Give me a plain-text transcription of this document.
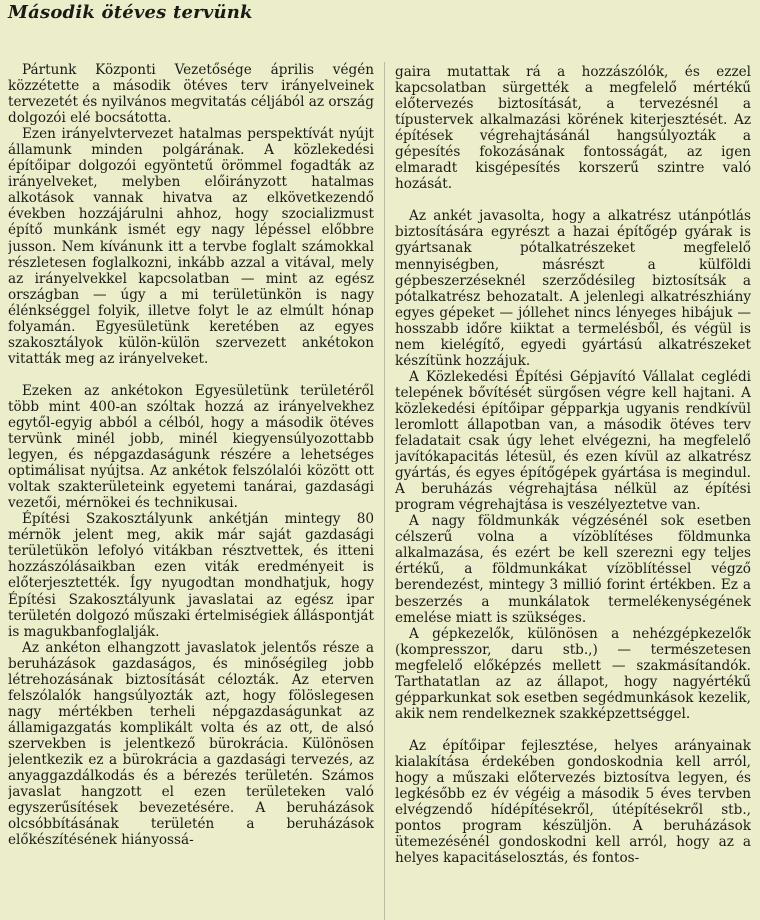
Második ötéves tervünk

Pártunk Központi Vezetősége április végén közzétette a második ötéves terv irányelveinek tervezetét és nyilvános megvitatás céljából az ország dolgozói elé bocsátotta.

Ezen irányelvtervezet hatalmas perspektívát nyújt államunk minden polgárának. A közlekedési építőipar dolgozói egyöntetű örömmel fogadták az irányelveket, melyben előirányzott hatalmas alkotások vannak hivatva az elkövetkezendő években hozzájárulni ahhoz, hogy szocializmust építő munkánk ismét egy nagy lépéssel előbbre jusson. Nem kívánunk itt a tervbe foglalt számokkal részletesen foglalkozni, inkább azzal a vitával, mely az irányelvekkel kapcsolatban — mint az egész országban — úgy a mi területünkön is nagy élénkséggel folyik, illetve folyt le az elmúlt hónap folyamán. Egyesületünk keretében az egyes szakosztályok külön-külön szervezett ankétokon vitatták meg az irányelveket.

Ezeken az ankétokon Egyesületünk területéről több mint 400-an szóltak hozzá az irányelvekhez egytől-egyig abból a célból, hogy a második ötéves tervünk minél jobb, minél kiegyensúlyozottabb legyen, és népgazdaságunk részére a lehetséges optimálisat nyújtsa. Az ankétok felszólalói között ott voltak szakterületeink egyetemi tanárai, gazdasági vezetői, mérnökei és technikusai.

Építési Szakosztályunk ankétján mintegy 80 mérnök jelent meg, akik már saját gazdasági területükön lefolyó vitákban résztvettek, és itteni hozzászólásaikban ezen viták eredményeit is előterjesztették. Így nyugodtan mondhatjuk, hogy Építési Szakosztályunk javaslatai az egész ipar területén dolgozó műszaki értelmiségiek álláspontját is magukbanfoglalják.

Az ankéton elhangzott javaslatok jelentős része a beruházások gazdaságos, és minőségileg jobb létrehozásának biztosítását célozták. Az eterven felszólalók hangsúlyozták azt, hogy fölöslegesen nagy mértékben terheli népgazdaságunkat az államigazgatás komplikált volta és az ott, de alsó szervekben is jelentkező bürokrácia. Különösen jelentkezik ez a bürokrácia a gazdasági tervezés, az anyaggazdálkodás és a bérezés területén. Számos javaslat hangzott el ezen területeken való egyszerűsítések bevezetésére. A beruházások olcsóbbításának területén a beruházások előkészítésének hiányossá-

gaira mutattak rá a hozzászólók, és ezzel kapcsolatban sürgették a megfelelő mértékű előtervezés biztosítását, a tervezésnél a típustervek alkalmazási körének kiterjesztését. Az építések végrehajtásánál hangsúlyozták a gépesítés fokozásának fontosságát, az igen elmaradt kisgépesítés korszerű szintre való hozását.

Az ankét javasolta, hogy a alkatrész utánpótlás biztosítására egyrészt a hazai építőgép gyárak is gyártsanak pótalkatrészeket megfelelő mennyiségben, másrészt a külföldi gépbeszerzéseknél szerződésileg biztosítsák a pótalkatrész behozatalt. A jelenlegi alkatrészhiány egyes gépeket — jóllehet nincs lényeges hibájuk — hosszabb időre kiiktat a termelésből, és végül is nem kielégítő, egyedi gyártású alkatrészeket készítünk hozzájuk.

A Közlekedési Építési Gépjavító Vállalat ceglédi telepének bővítését sürgősen végre kell hajtani. A közlekedési építőipar gépparkja ugyanis rendkívül leromlott állapotban van, a második ötéves terv feladatait csak úgy lehet elvégezni, ha megfelelő javítókapacitás létesül, és ezen kívül az alkatrész gyártás, és egyes építőgépek gyártása is megindul. A beruházás végrehajtása nélkül az építési program végrehajtása is veszélyeztetve van.

A nagy földmunkák végzésénél sok esetben célszerű volna a vízöblítéses földmunka alkalmazása, és ezért be kell szerezni egy teljes értékű, a földmunkákat vízöblítéssel végző berendezést, mintegy 3 millió forint értékben. Ez a beszerzés a munkálatok termelékenységének emelése miatt is szükséges.

A gépkezelők, különösen a nehézgépkezelők (kompresszor, daru stb.,) — természetesen megfelelő előképzés mellett — szakmásítandók. Tarthatatlan az az állapot, hogy nagyértékű gépparkunkat sok esetben segédmunkások kezelik, akik nem rendelkeznek szakképzettséggel.

Az építőipar fejlesztése, helyes arányainak kialakítása érdekében gondoskodnia kell arról, hogy a műszaki előtervezés biztosítva legyen, és legkésőbb ez év végéig a második 5 éves tervben elvégzendő hídépítésekről, útépítésekről stb., pontos program készüljön. A beruházások ütemezésénél gondoskodni kell arról, hogy az a helyes kapacitáselosztás, és fontos-
